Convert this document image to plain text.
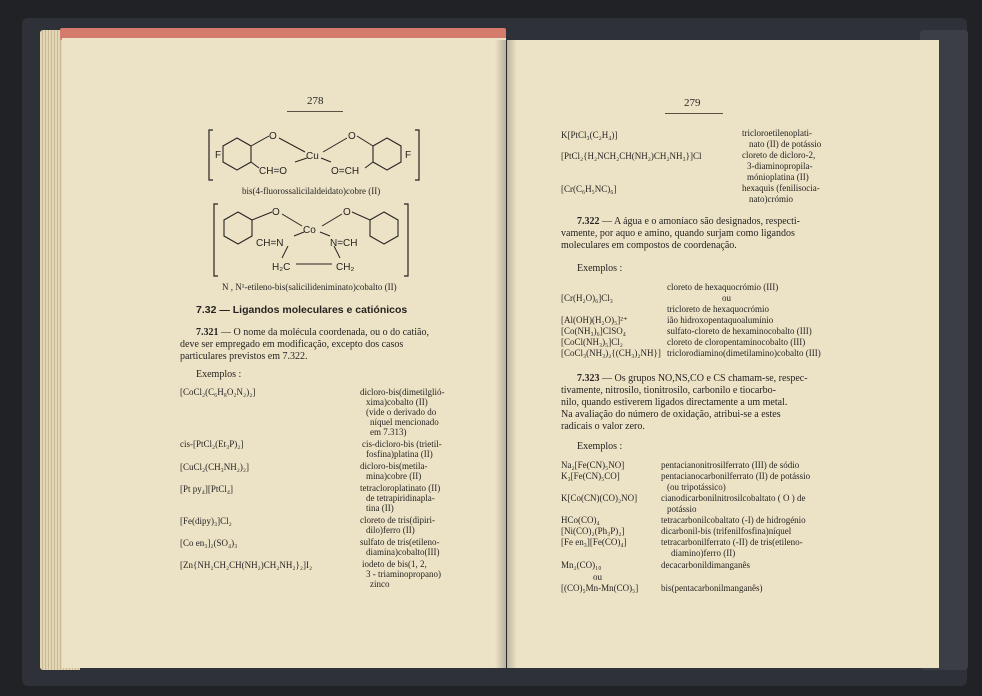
278
F
O	O
Cu	F
CH=O	O=CH
bis(4-fluorossalicilaldeidato)cobre (II)
O	O
Co
CH=N	N=CH
H₂C	CH₂
N , N¹-etileno-bis(salicilideniminato)cobalto (II)
7.32 — Ligandos moleculares e catiónicos
7.321 — O nome da molécula coordenada, ou o do catião,
deve ser empregado em modificação, excepto dos casos
particulares previstos em 7.322.
Exemplos :
[CoCl₂(C₆H₈O₂N₂)₂]	dicloro-bis(dimetilglió-
xima)cobalto (II)
(vide o derivado do
níquel mencionado
em 7.313)
cis-[PtCl₂(Et₃P)₂]	cis-dicloro-bis (trietil-
fosfina)platina (II)
[CuCl₂(CH₃NH₂)₂]	dicloro-bis(metila-
mina)cobre (II)
[Pt py₄][PtCl₄]	tetracloroplatinato (II)
de tetrapiridinapla-
tina (II)
[Fe(dipy)₃]Cl₂	cloreto de tris(dipiri-
dilo)ferro (II)
[Co en₃]₂(SO₄)₃	sulfato de tris(etileno-
diamina)cobalto(III)
[Zn{NH₂CH₂CH(NH₂)CH₂NH₂}₂]I₂	iodeto de bis(1, 2,
3 - triaminopropano)
zinco
279
K[PtCl₃(C₂H₄)]	tricloroetilenoplati-
nato (II) de potássio
[PtCl₂{H₂NCH₂CH(NH₂)CH₂NH₃}]Cl	cloreto de dicloro-2,
3-diaminopropila-
mónioplatina (II)
[Cr(C₆H₅NC)₆]	hexaquis (fenilisocia-
nato)crómio
7.322 — A água e o amoníaco são designados, respecti-
vamente, por aquo e amino, quando surjam como ligandos
moleculares em compostos de coordenação.
Exemplos :
cloreto de hexaquocrómio (III)
[Cr(H₂O)₆]Cl₃	ou
tricloreto de hexaquocrómio
[Al(OH)(H₂O)₅]²⁺	ião hidroxopentaquoalumínio
[Co(NH₃)₆]ClSO₄	sulfato-cloreto de hexaminocobalto (III)
[CoCl(NH₃)₅]Cl₂	cloreto de cloropentaminocobalto (III)
[CoCl₃(NH₃)₂{(CH₃)₂NH}] triclorodiamino(dimetilamino)cobalto (III)
7.323 — Os grupos NO,NS,CO e CS chamam-se, respec-
tivamente, nitrosilo, tionitrosilo, carbonilo e tiocarbo-
nilo, quando estiverem ligados directamente a um metal.
Na avaliação do número de oxidação, atribui-se a estes
radicais o valor zero.
Exemplos :
Na₂[Fe(CN)₅NO]	pentacianonitrosilferrato (III) de sódio
K₃[Fe(CN)₅CO]	pentacianocarbonilferrato (II) de potássio
(ou tripotássico)
K[Co(CN)(CO)₂NO]	cianodicarbonilnitrosilcobaltato ( O ) de
potássio
HCo(CO)₄	tetracarbonilcobaltato (-I) de hidrogénio
[Ni(CO)₂(Ph₃P)₂]	dicarbonil-bis (trifenilfosfina)níquel
[Fe en₃][Fe(CO)₄]	tetracarbonilferrato (-II) de tris(etileno-
diamino)ferro (II)
Mn₂(CO)₁₀	decacarbonildimanganês
ou
[(CO)₅Mn-Mn(CO)₅]	bis(pentacarbonilmanganês)
